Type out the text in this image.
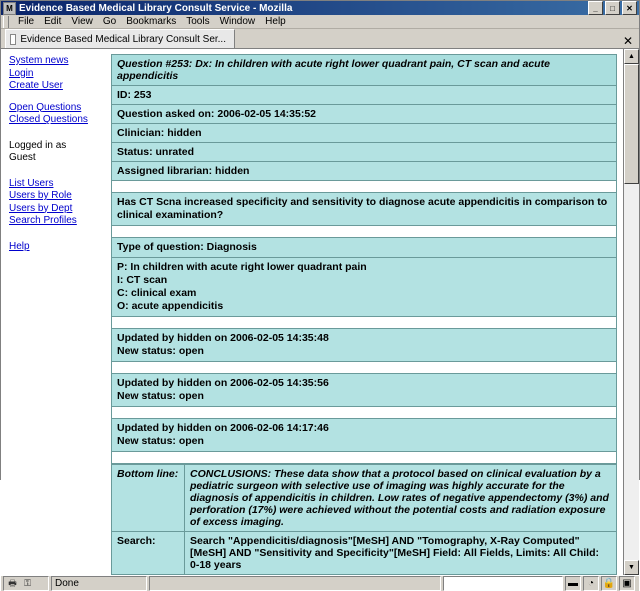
M Evidence Based Medical Library Consult Service - Mozilla	_	□	✕
File	Edit	View	Go	Bookmarks	Tools	Window	Help
Evidence Based Medical Library Consult Ser...	✕
System news
Login
Create User
Open Questions
Closed Questions
Logged in as
Guest
List Users
Users by Role
Users by Dept
Search Profiles
Help
Question #253: Dx: In children with acute right lower quadrant pain, CT scan and acute appendicitis
ID: 253
Question asked on: 2006-02-05 14:35:52
Clinician: hidden
Status: unrated
Assigned librarian: hidden

Has CT Scna increased specificity and sensitivity to diagnose acute appendicitis in comparison to clinical examination?

Type of question: Diagnosis

P: In children with acute right lower quadrant pain
I: CT scan
C: clinical exam
O: acute appendicitis

Updated by hidden on 2006-02-05 14:35:48
New status: open

Updated by hidden on 2006-02-05 14:35:56
New status: open

Updated by hidden on 2006-02-06 14:17:46
New status: open

Bottom line:	CONCLUSIONS: These data show that a protocol based on clinical evaluation by a pediatric surgeon with selective use of imaging was highly accurate for the diagnosis of appendicitis in children. Low rates of negative appendectomy (3%) and perforation (17%) were achieved without the potential costs and radiation exposure of excess imaging.
Search:	Search "Appendicitis/diagnosis"[MeSH] AND "Tomography, X-Ray Computed"[MeSH] AND "Sensitivity and Specificity"[MeSH] Field: All Fields, Limits: All Child: 0-18 years
▲
▼
🖶 ⚿	Done	▬ ◔ 🔒 ▣
